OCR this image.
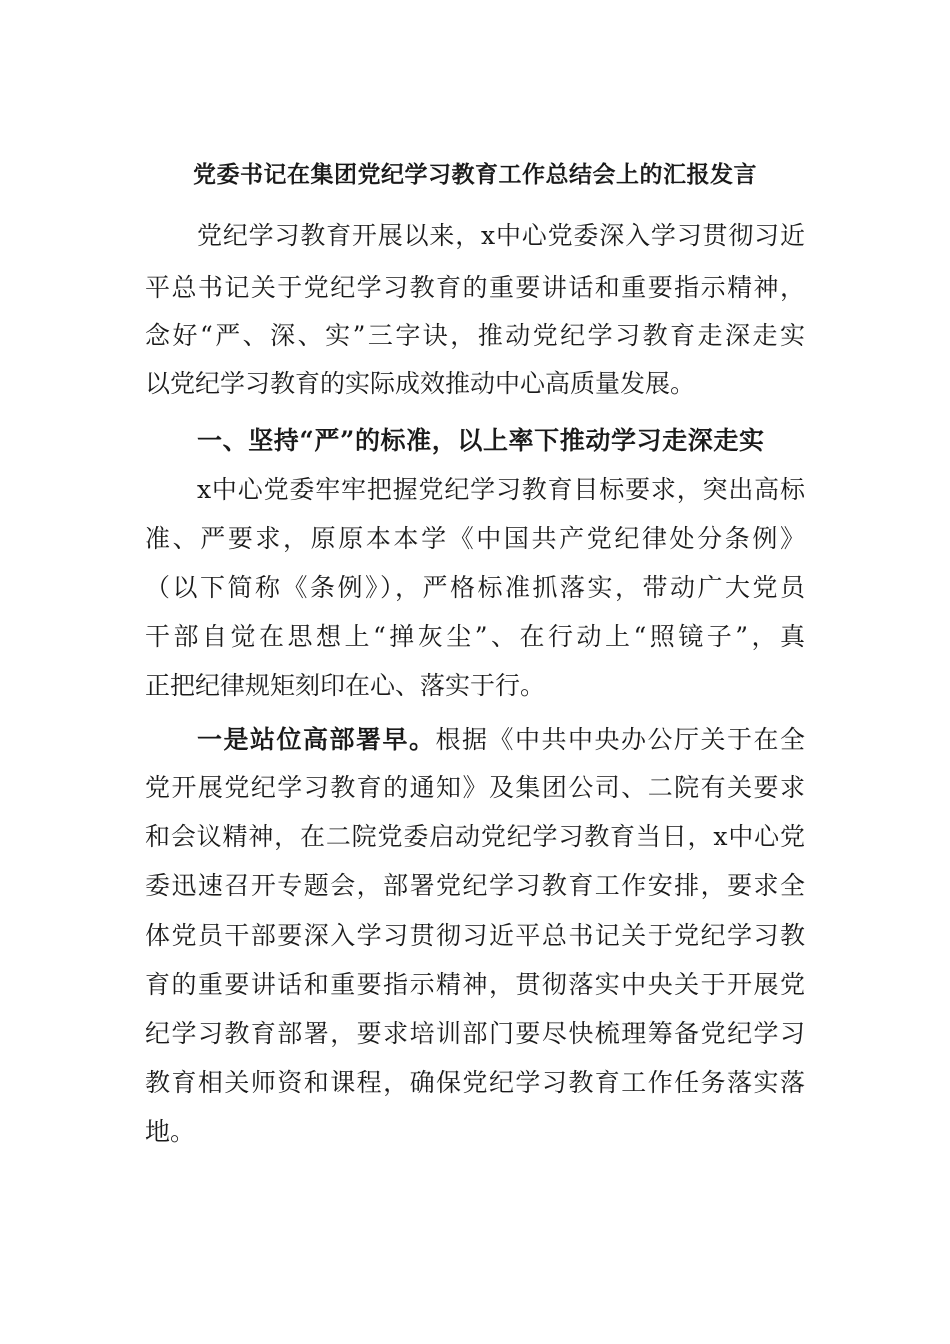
党委书记在集团党纪学习教育工作总结会上的汇报发言
党纪学习教育开展以来，x中心党委深入学习贯彻习近
平总书记关于党纪学习教育的重要讲话和重要指示精神，
念好“严、深、实”三字诀，推动党纪学习教育走深走实
以党纪学习教育的实际成效推动中心高质量发展。
一、坚持“严”的标准，以上率下推动学习走深走实
x中心党委牢牢把握党纪学习教育目标要求，突出高标
准、严要求，原原本本学《中国共产党纪律处分条例》
（以下简称《条例》），严格标准抓落实，带动广大党员
干部自觉在思想上“掸灰尘”、在行动上“照镜子”，真
正把纪律规矩刻印在心、落实于行。
一是站位高部署早。根据《中共中央办公厅关于在全
党开展党纪学习教育的通知》及集团公司、二院有关要求
和会议精神，在二院党委启动党纪学习教育当日，x中心党
委迅速召开专题会，部署党纪学习教育工作安排，要求全
体党员干部要深入学习贯彻习近平总书记关于党纪学习教
育的重要讲话和重要指示精神，贯彻落实中央关于开展党
纪学习教育部署，要求培训部门要尽快梳理筹备党纪学习
教育相关师资和课程，确保党纪学习教育工作任务落实落
地。
